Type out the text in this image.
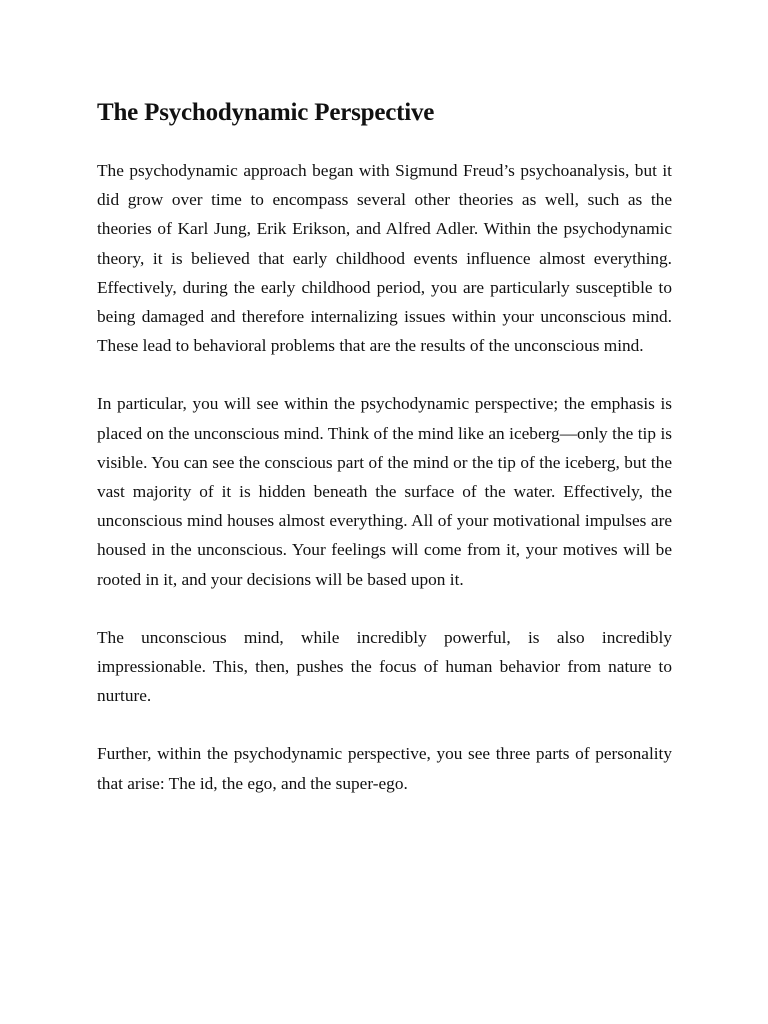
The Psychodynamic Perspective

The psychodynamic approach began with Sigmund Freud’s psychoanalysis, but it did grow over time to encompass several other theories as well, such as the theories of Karl Jung, Erik Erikson, and Alfred Adler. Within the psychodynamic theory, it is believed that early childhood events influence almost everything. Effectively, during the early childhood period, you are particularly susceptible to being damaged and therefore internalizing issues within your unconscious mind. These lead to behavioral problems that are the results of the unconscious mind.

In particular, you will see within the psychodynamic perspective; the emphasis is placed on the unconscious mind. Think of the mind like an iceberg—only the tip is visible. You can see the conscious part of the mind or the tip of the iceberg, but the vast majority of it is hidden beneath the surface of the water. Effectively, the unconscious mind houses almost everything. All of your motivational impulses are housed in the unconscious. Your feelings will come from it, your motives will be rooted in it, and your decisions will be based upon it.

The unconscious mind, while incredibly powerful, is also incredibly impressionable. This, then, pushes the focus of human behavior from nature to nurture.

Further, within the psychodynamic perspective, you see three parts of personality that arise: The id, the ego, and the super-ego.
